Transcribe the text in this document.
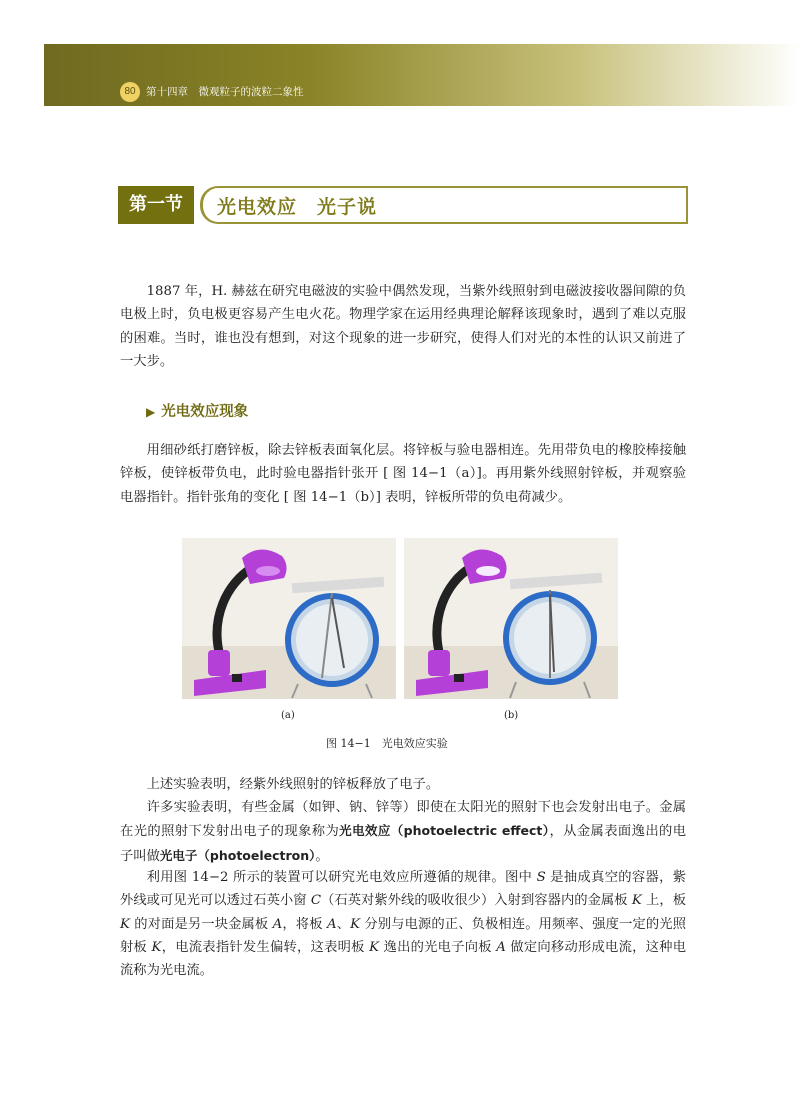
80 第十四章　微观粒子的波粒二象性
第一节	光电效应　光子说

1887 年，H. 赫兹在研究电磁波的实验中偶然发现，当紫外线照射到电磁波接收器间隙的负电极上时，负电极更容易产生电火花。物理学家在运用经典理论解释该现象时，遇到了难以克服的困难。当时，谁也没有想到，对这个现象的进一步研究，使得人们对光的本性的认识又前进了一大步。

▶ 光电效应现象

用细砂纸打磨锌板，除去锌板表面氧化层。将锌板与验电器相连。先用带负电的橡胶棒接触锌板，使锌板带负电，此时验电器指针张开 [ 图 14−1（a）]。再用紫外线照射锌板，并观察验电器指针。指针张角的变化 [ 图 14−1（b）] 表明，锌板所带的负电荷减少。

(a)	(b)
图 14−1　光电效应实验

上述实验表明，经紫外线照射的锌板释放了电子。

许多实验表明，有些金属（如钾、钠、锌等）即使在太阳光的照射下也会发射出电子。金属在光的照射下发射出电子的现象称为光电效应（photoelectric effect），从金属表面逸出的电子叫做光电子（photoelectron）。

利用图 14−2 所示的装置可以研究光电效应所遵循的规律。图中 S 是抽成真空的容器，紫外线或可见光可以透过石英小窗 C（石英对紫外线的吸收很少）入射到容器内的金属板 K 上，板 K 的对面是另一块金属板 A，将板 A、K 分别与电源的正、负极相连。用频率、强度一定的光照射板 K，电流表指针发生偏转，这表明板 K 逸出的光电子向板 A 做定向移动形成电流，这种电流称为光电流。
